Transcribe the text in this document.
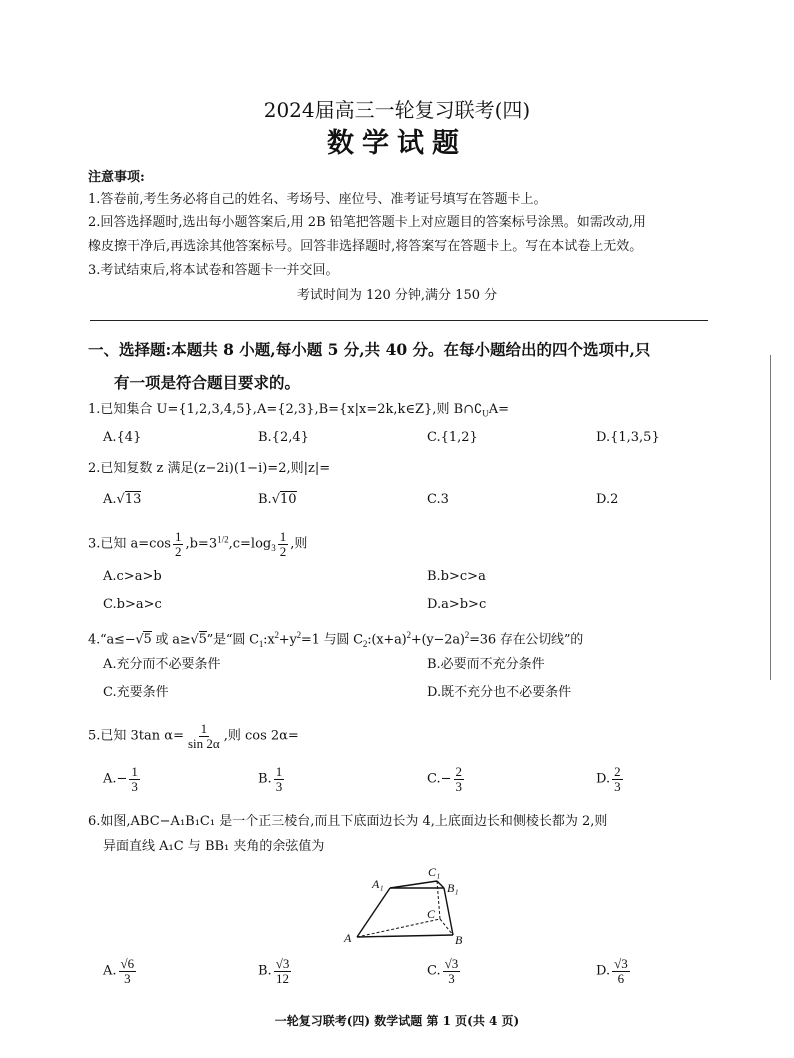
2024届高三一轮复习联考(四)
数学试题
注意事项:
1.答卷前,考生务必将自己的姓名、考场号、座位号、准考证号填写在答题卡上。
2.回答选择题时,选出每小题答案后,用 2B 铅笔把答题卡上对应题目的答案标号涂黑。如需改动,用
橡皮擦干净后,再选涂其他答案标号。回答非选择题时,将答案写在答题卡上。写在本试卷上无效。
3.考试结束后,将本试卷和答题卡一并交回。
考试时间为 120 分钟,满分 150 分
一、选择题:本题共 8 小题,每小题 5 分,共 40 分。在每小题给出的四个选项中,只
有一项是符合题目要求的。
1.已知集合 U={1,2,3,4,5},A={2,3},B={x|x=2k,k∈Z},则 $B\cap∁_UA=$
A.{4}	B.{2,4}	C.{1,2}	D.{1,3,5}
2.已知复数 z 满足(z−2i)(1−i)=2,则|z|=
A.√13	B.√10	C.3	D.2
3.已知 $a=\cos \frac{1}{2} ,b=3^{1/2},c=\log_3 \frac{1}{2}$ ,则
A.c>a>b	B.b>c>a
C.b>a>c	D.a>b>c
4.“a≤−√5 或 a≥√5”是“圆 $C_1:x^2+y^2=1$ 与圆 $C_2:(x+a)^2+(y-2a)^2=36$ 存在公切线”的
A.充分而不必要条件	B.必要而不充分条件
C.充要条件	D.既不充分也不必要条件
5.已知 3tan $\alpha= \frac{1}{\sin 2\alpha}$ ,则 cos 2α=
$A.- \frac{1}{3}$	B. $\frac{1}{3}$	$C.- \frac{2}{3}$	D. $\frac{2}{3}$
6.如图,ABC−A₁B₁C₁ 是一个正三棱台,而且下底面边长为 4,上底面边长和侧棱长都为 2,则
异面直线 A₁C 与 BB₁ 夹角的余弦值为
A	B
C
A₁	B₁
C₁
A. $\frac{√6}{3}$	B. $\frac{√3}{12}$	C. $\frac{√3}{3}$	D. $\frac{√3}{6}$
一轮复习联考(四) 数学试题 第 1 页(共 4 页)
